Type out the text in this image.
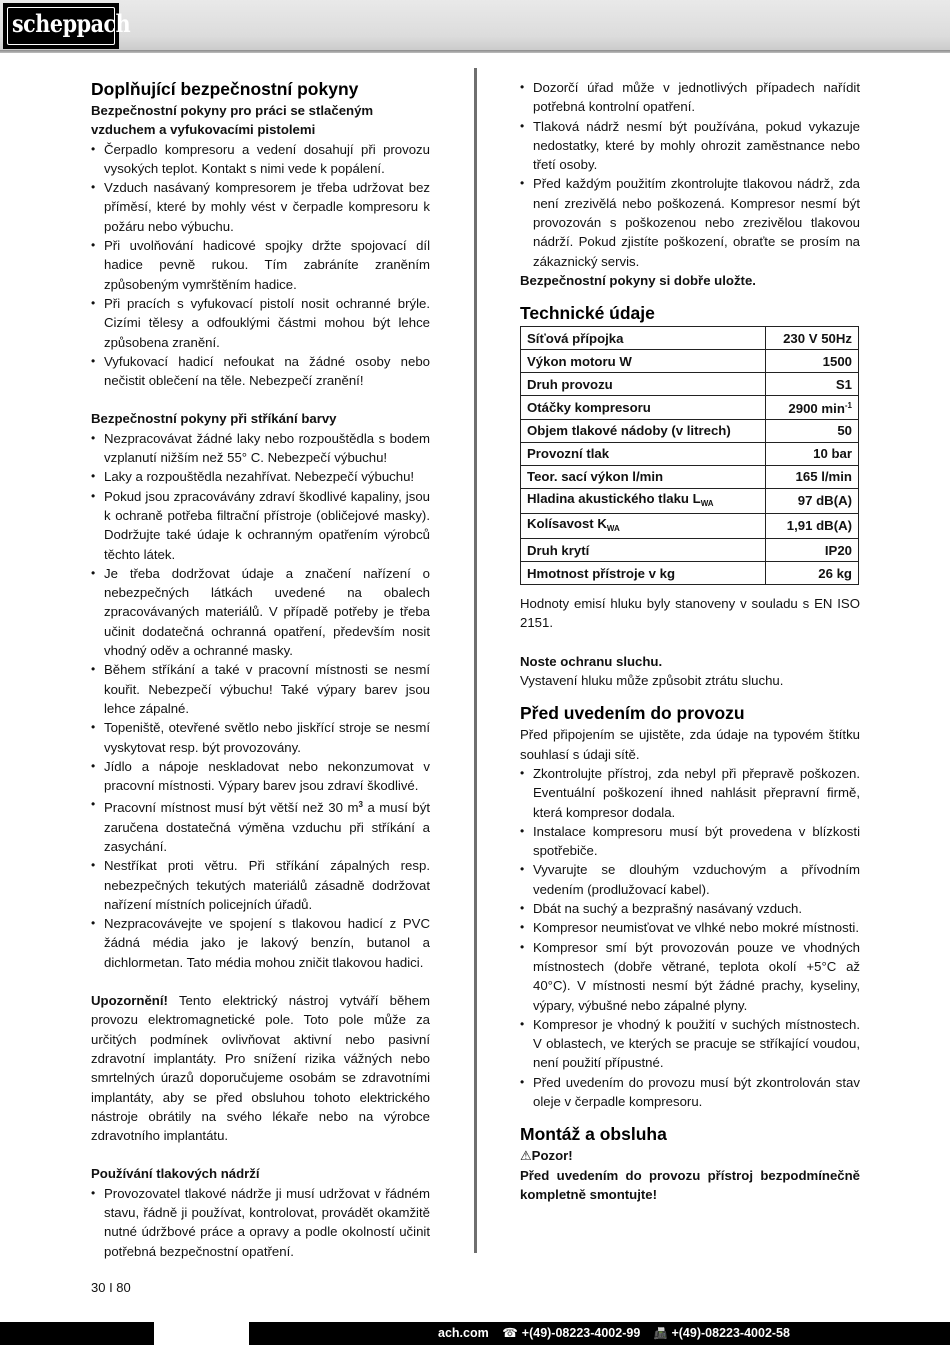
scheppach
Doplňující bezpečnostní pokyny
Bezpečnostní pokyny pro práci se stlačeným vzduchem a vyfukovacími pistolemi
• Čerpadlo kompresoru a vedení dosahují při provozu vysokých teplot. Kontakt s nimi vede k popálení.
• Vzduch nasávaný kompresorem je třeba udržovat bez příměsí, které by mohly vést v čerpadle kompresoru k požáru nebo výbuchu.
• Při uvolňování hadicové spojky držte spojovací díl hadice pevně rukou. Tím zabráníte zraněním způsobeným vymrštěním hadice.
• Při pracích s vyfukovací pistolí nosit ochranné brýle. Cizími tělesy a odfouklými částmi mohou být lehce způsobena zranění.
• Vyfukovací hadicí nefoukat na žádné osoby nebo nečistit oblečení na těle. Nebezpečí zranění!
Bezpečnostní pokyny při stříkání barvy
• Nezpracovávat žádné laky nebo rozpouštědla s bodem vzplanutí nižším než 55° C. Nebezpečí výbuchu!
• Laky a rozpouštědla nezahřívat. Nebezpečí výbuchu!
• Pokud jsou zpracovávány zdraví škodlivé kapaliny, jsou k ochraně potřeba filtrační přístroje (obličejové masky). Dodržujte také údaje k ochranným opatřením výrobců těchto látek.
• Je třeba dodržovat údaje a značení nařízení o nebezpečných látkách uvedené na obalech zpracovávaných materiálů. V případě potřeby je třeba učinit dodatečná ochranná opatření, především nosit vhodný oděv a ochranné masky.
• Během stříkání a také v pracovní místnosti se nesmí kouřit. Nebezpečí výbuchu! Také výpary barev jsou lehce zápalné.
• Topeniště, otevřené světlo nebo jiskřící stroje se nesmí vyskytovat resp. být provozovány.
• Jídlo a nápoje neskladovat nebo nekonzumovat v pracovní místnosti. Výpary barev jsou zdraví škodlivé.
• Pracovní místnost musí být větší než 30 $m^3$ a musí být zaručena dostatečná výměna vzduchu při stříkání a zasychání.
• Nestříkat proti větru. Při stříkání zápalných resp. nebezpečných tekutých materiálů zásadně dodržovat nařízení místních policejních úřadů.
• Nezpracovávejte ve spojení s tlakovou hadicí z PVC žádná média jako je lakový benzín, butanol a dichlormetan. Tato média mohou zničit tlakovou hadici.

Upozornění! Tento elektrický nástroj vytváří během provozu elektromagnetické pole. Toto pole může za určitých podmínek ovlivňovat aktivní nebo pasivní zdravotní implantáty. Pro snížení rizika vážných nebo smrtelných úrazů doporučujeme osobám se zdravotními implantáty, aby se před obsluhou tohoto elektrického nástroje obrátily na svého lékaře nebo na výrobce zdravotního implantátu.

Používání tlakových nádrží
• Provozovatel tlakové nádrže ji musí udržovat v řádném stavu, řádně ji používat, kontrolovat, provádět okamžitě nutné údržbové práce a opravy a podle okolností učinit potřebná bezpečnostní opatření.
• Dozorčí úřad může v jednotlivých případech nařídit potřebná kontrolní opatření.
• Tlaková nádrž nesmí být používána, pokud vykazuje nedostatky, které by mohly ohrozit zaměstnance nebo třetí osoby.
• Před každým použitím zkontrolujte tlakovou nádrž, zda není zrezivělá nebo poškozená. Kompresor nesmí být provozován s poškozenou nebo zrezivělou tlakovou nádrží. Pokud zjistíte poškození, obraťte se prosím na zákaznický servis.

Bezpečnostní pokyny si dobře uložte.

Technické údaje
Síťová přípojka	230 V 50Hz
Výkon motoru W	1500
Druh provozu	S1
Otáčky kompresoru	2900 $\min^{-1}$
Objem tlakové nádoby (v litrech)	50
Provozní tlak	10 bar
Teor. sací výkon l/min	165 l/min
Hladina akustického tlaku $L_{WA}$	97 dB(A)
Kolísavost $K_{WA}$	1,91 dB(A)
Druh krytí	IP20
Hmotnost přístroje v kg	26 kg

Hodnoty emisí hluku byly stanoveny v souladu s EN ISO 2151.

Noste ochranu sluchu.

Vystavení hluku může způsobit ztrátu sluchu.

Před uvedením do provozu

Před připojením se ujistěte, zda údaje na typovém štítku souhlasí s údaji sítě.

• Zkontrolujte přístroj, zda nebyl při přepravě poškozen. Eventuální poškození ihned nahlásit přepravní firmě, která kompresor dodala.
• Instalace kompresoru musí být provedena v blízkosti spotřebiče.
• Vyvarujte se dlouhým vzduchovým a přívodním vedením (prodlužovací kabel).
• Dbát na suchý a bezprašný nasávaný vzduch.
• Kompresor neumisťovat ve vlhké nebo mokré místnosti.
• Kompresor smí být provozován pouze ve vhodných místnostech (dobře větrané, teplota okolí +5°C až 40°C). V místnosti nesmí být žádné prachy, kyseliny, výpary, výbušné nebo zápalné plyny.
• Kompresor je vhodný k použití v suchých místnostech. V oblastech, ve kterých se pracuje se stříkající voudou, není použití přípustné.
• Před uvedením do provozu musí být zkontrolován stav oleje v čerpadle kompresoru.
Montáž a obsluha

⚠Pozor!

Před uvedením do provozu přístroj bezpodmínečně kompletně smontujte!

30 I 80
ach.com ☎ +(49)-08223-4002-99 📠 +(49)-08223-4002-58
